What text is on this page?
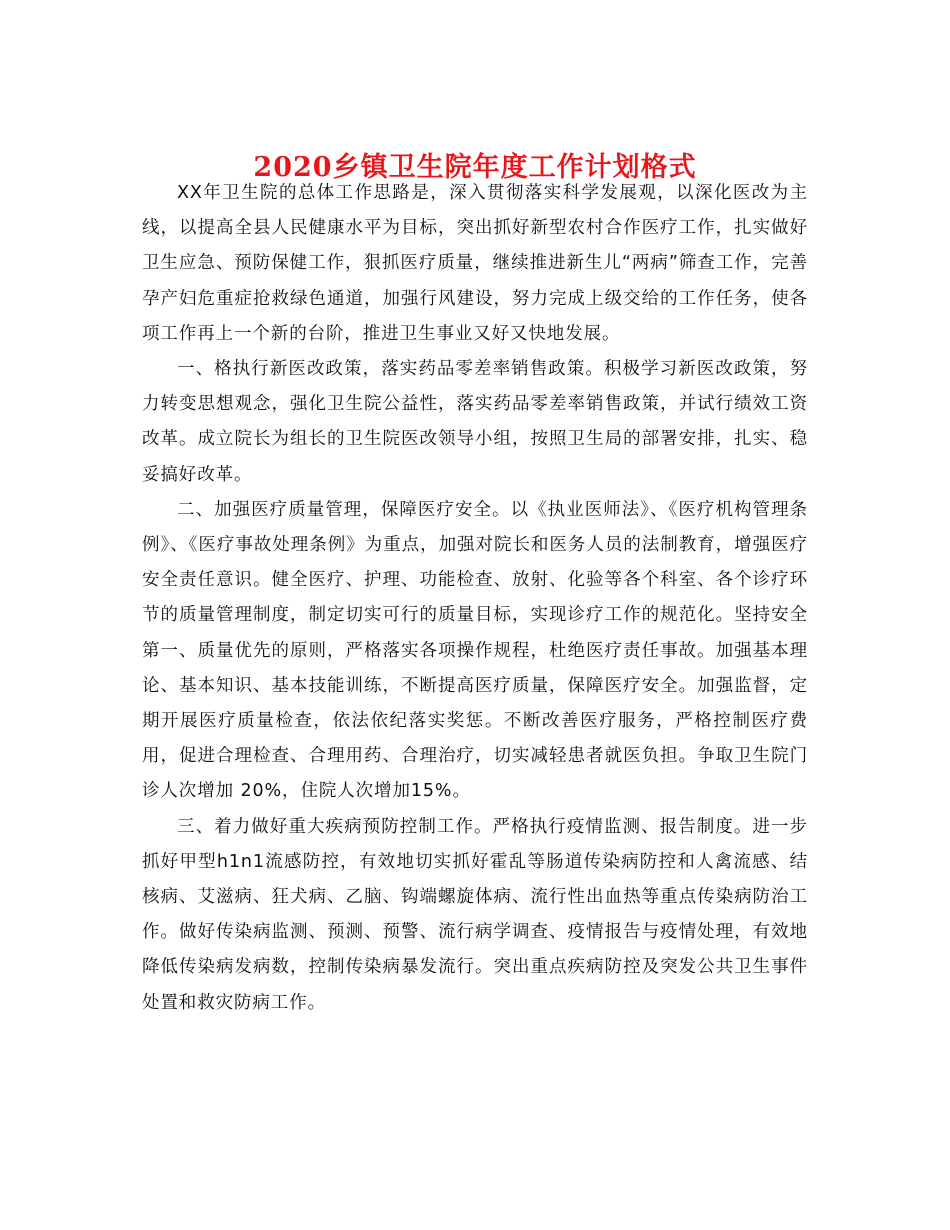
2020乡镇卫生院年度工作计划格式

XX年卫生院的总体工作思路是，深入贯彻落实科学发展观，以深化医改为主线，以提高全县人民健康水平为目标，突出抓好新型农村合作医疗工作，扎实做好卫生应急、预防保健工作，狠抓医疗质量，继续推进新生儿“两病”筛查工作，完善孕产妇危重症抢救绿色通道，加强行风建设，努力完成上级交给的工作任务，使各项工作再上一个新的台阶，推进卫生事业又好又快地发展。

一、格执行新医改政策，落实药品零差率销售政策。积极学习新医改政策，努力转变思想观念，强化卫生院公益性，落实药品零差率销售政策，并试行绩效工资改革。成立院长为组长的卫生院医改领导小组，按照卫生局的部署安排，扎实、稳妥搞好改革。

二、加强医疗质量管理，保障医疗安全。以《执业医师法》、《医疗机构管理条例》、《医疗事故处理条例》为重点，加强对院长和医务人员的法制教育，增强医疗安全责任意识。健全医疗、护理、功能检查、放射、化验等各个科室、各个诊疗环节的质量管理制度，制定切实可行的质量目标，实现诊疗工作的规范化。坚持安全第一、质量优先的原则，严格落实各项操作规程，杜绝医疗责任事故。加强基本理论、基本知识、基本技能训练，不断提高医疗质量，保障医疗安全。加强监督，定期开展医疗质量检查，依法依纪落实奖惩。不断改善医疗服务，严格控制医疗费用，促进合理检查、合理用药、合理治疗，切实减轻患者就医负担。争取卫生院门诊人次增加 20%，住院人次增加15%。

三、着力做好重大疾病预防控制工作。严格执行疫情监测、报告制度。进一步抓好甲型h1n1流感防控，有效地切实抓好霍乱等肠道传染病防控和人禽流感、结核病、艾滋病、狂犬病、乙脑、钩端螺旋体病、流行性出血热等重点传染病防治工作。做好传染病监测、预测、预警、流行病学调查、疫情报告与疫情处理，有效地降低传染病发病数，控制传染病暴发流行。突出重点疾病防控及突发公共卫生事件处置和救灾防病工作。
